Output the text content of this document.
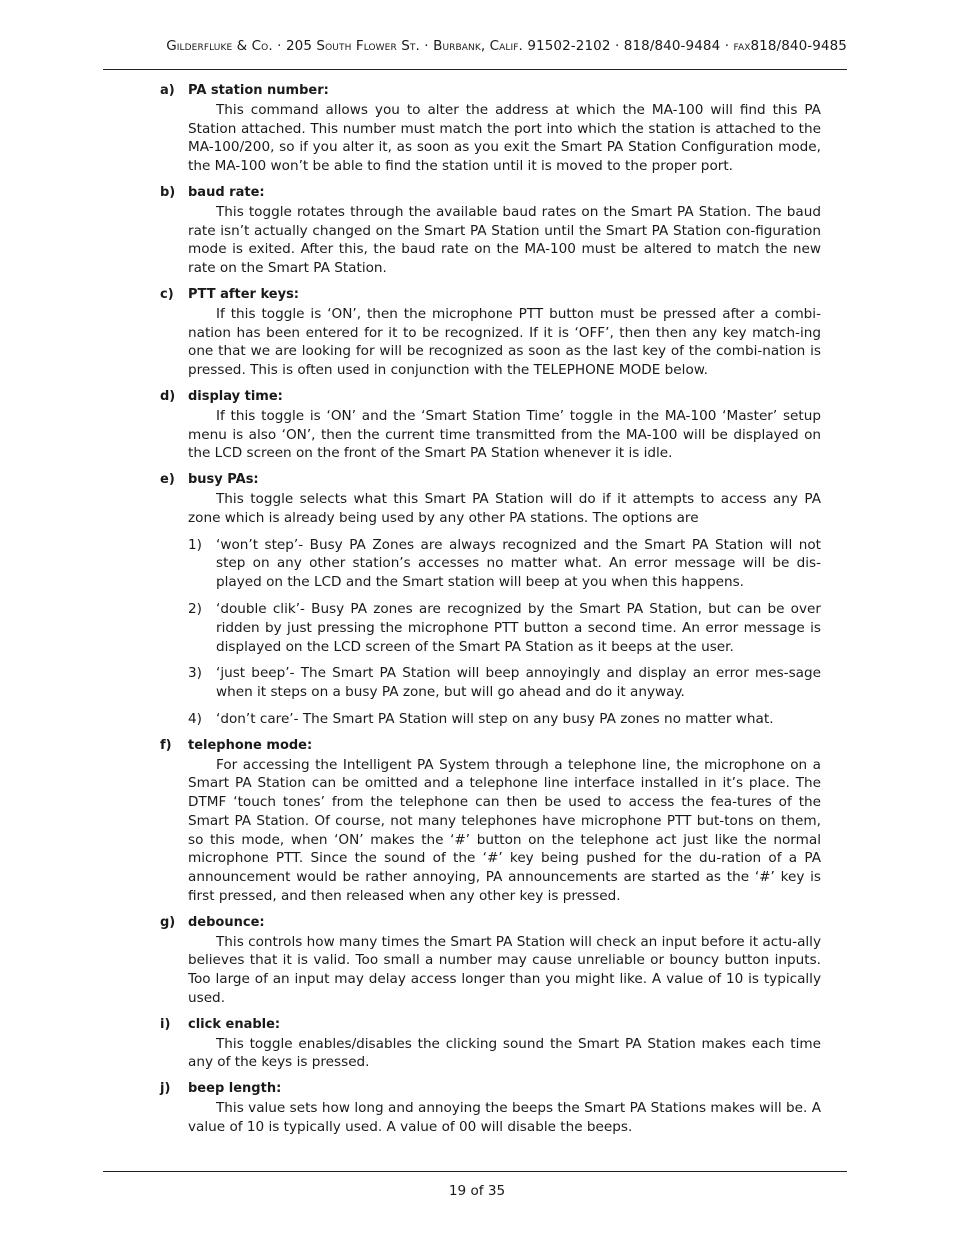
Gilderfluke & Co. · 205 South Flower St. · Burbank, Calif. 91502-2102 · 818/840-9484 · fax818/840-9485
a)	PA station number:
This command allows you to alter the address at which the MA-100 will find this PA Station attached. This number must match the port into which the station is attached to the MA-100/200, so if you alter it, as soon as you exit the Smart PA Station Configuration mode, the MA-100 won’t be able to find the station until it is moved to the proper port.
b) baud rate:
This toggle rotates through the available baud rates on the Smart PA Station. The baud rate isn’t actually changed on the Smart PA Station until the Smart PA Station con-figuration mode is exited. After this, the baud rate on the MA-100 must be altered to match the new rate on the Smart PA Station.
c)	PTT after keys:
If this toggle is ‘ON’, then the microphone PTT button must be pressed after a combi-nation has been entered for it to be recognized. If it is ‘OFF’, then then any key match-ing one that we are looking for will be recognized as soon as the last key of the combi-nation is pressed. This is often used in conjunction with the TELEPHONE MODE below.
d) display time:
If this toggle is ‘ON’ and the ‘Smart Station Time’ toggle in the MA-100 ‘Master’ setup menu is also ‘ON’, then the current time transmitted from the MA-100 will be displayed on the LCD screen on the front of the Smart PA Station whenever it is idle.
e)	busy PAs:
This toggle selects what this Smart PA Station will do if it attempts to access any PA zone which is already being used by any other PA stations. The options are
1)	‘won’t step’- Busy PA Zones are always recognized and the Smart PA Station will not step on any other station’s accesses no matter what. An error message will be dis-played on the LCD and the Smart station will beep at you when this happens.
2)	‘double clik’- Busy PA zones are recognized by the Smart PA Station, but can be over ridden by just pressing the microphone PTT button a second time. An error message is displayed on the LCD screen of the Smart PA Station as it beeps at the user.
3)	‘just beep’- The Smart PA Station will beep annoyingly and display an error mes-sage when it steps on a busy PA zone, but will go ahead and do it anyway.
4)	‘don’t care’- The Smart PA Station will step on any busy PA zones no matter what.
f)	telephone mode:
For accessing the Intelligent PA System through a telephone line, the microphone on a Smart PA Station can be omitted and a telephone line interface installed in it’s place. The DTMF ‘touch tones’ from the telephone can then be used to access the fea-tures of the Smart PA Station. Of course, not many telephones have microphone PTT but-tons on them, so this mode, when ‘ON’ makes the ‘#’ button on the telephone act just like the normal microphone PTT. Since the sound of the ‘#’ key being pushed for the du-ration of a PA announcement would be rather annoying, PA announcements are started as the ‘#’ key is first pressed, and then released when any other key is pressed.
g) debounce:
This controls how many times the Smart PA Station will check an input before it actu-ally believes that it is valid. Too small a number may cause unreliable or bouncy button inputs. Too large of an input may delay access longer than you might like. A value of 10 is typically used.
i)	click enable:
This toggle enables/disables the clicking sound the Smart PA Station makes each time any of the keys is pressed.
j)	beep length:
This value sets how long and annoying the beeps the Smart PA Stations makes will be. A value of 10 is typically used. A value of 00 will disable the beeps.
19 of 35
